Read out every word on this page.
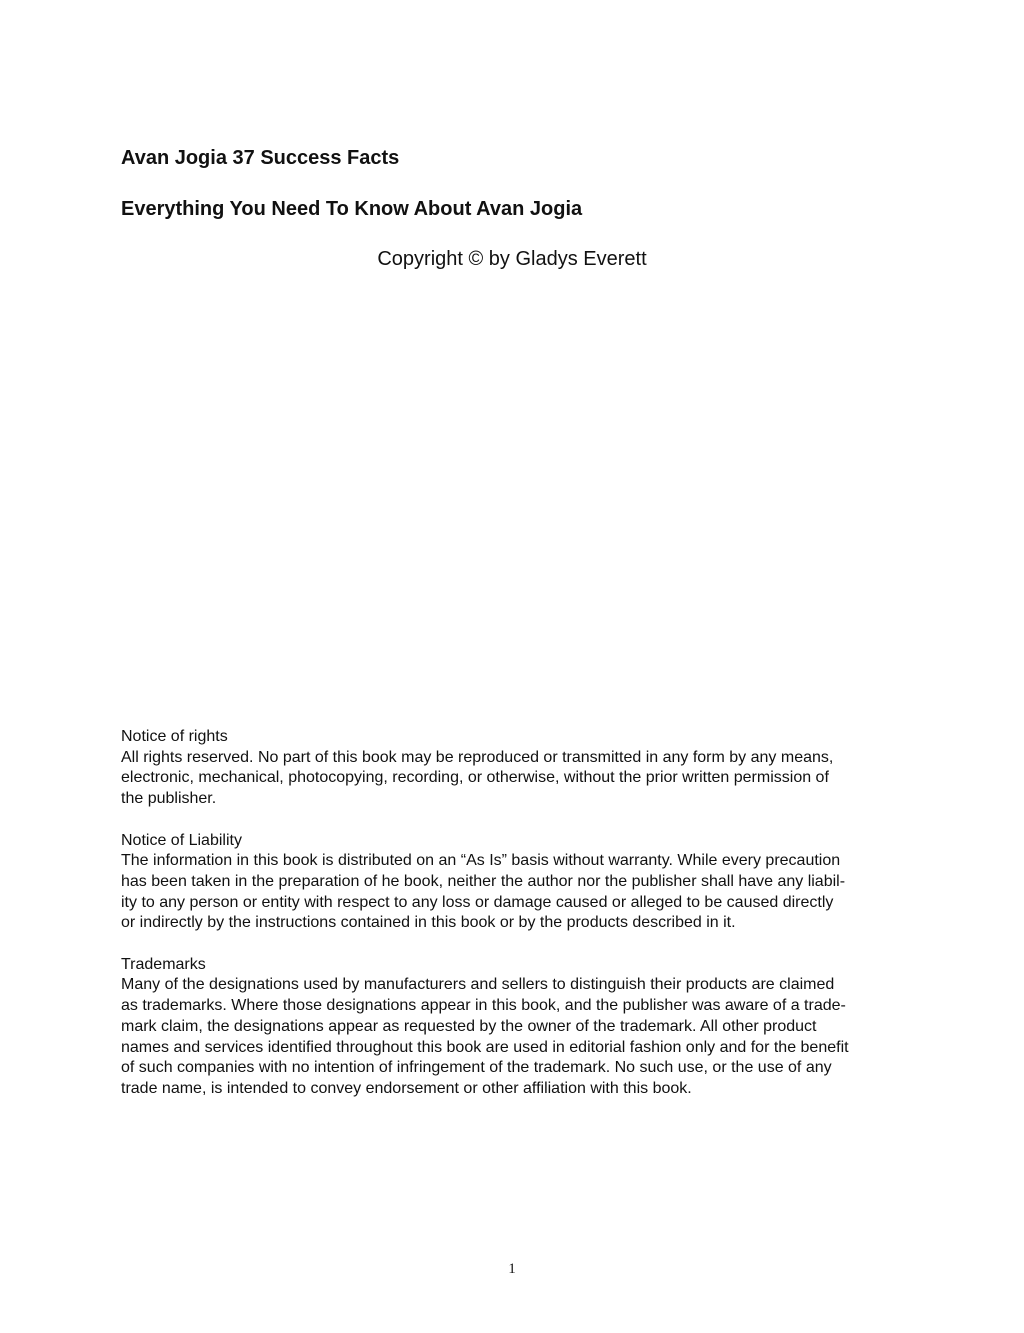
Avan Jogia 37 Success Facts
Everything You Need To Know About Avan Jogia
Copyright © by Gladys Everett
Notice of rights
All rights reserved. No part of this book may be reproduced or transmitted in any form by any means,
electronic, mechanical, photocopying, recording, or otherwise, without the prior written permission of
the publisher.
Notice of Liability
The information in this book is distributed on an “As Is” basis without warranty. While every precaution
has been taken in the preparation of he book, neither the author nor the publisher shall have any liabil-
ity to any person or entity with respect to any loss or damage caused or alleged to be caused directly
or indirectly by the instructions contained in this book or by the products described in it.
Trademarks
Many of the designations used by manufacturers and sellers to distinguish their products are claimed
as trademarks. Where those designations appear in this book, and the publisher was aware of a trade-
mark claim, the designations appear as requested by the owner of the trademark. All other product
names and services identified throughout this book are used in editorial fashion only and for the benefit
of such companies with no intention of infringement of the trademark. No such use, or the use of any
trade name, is intended to convey endorsement or other affiliation with this book.
1
